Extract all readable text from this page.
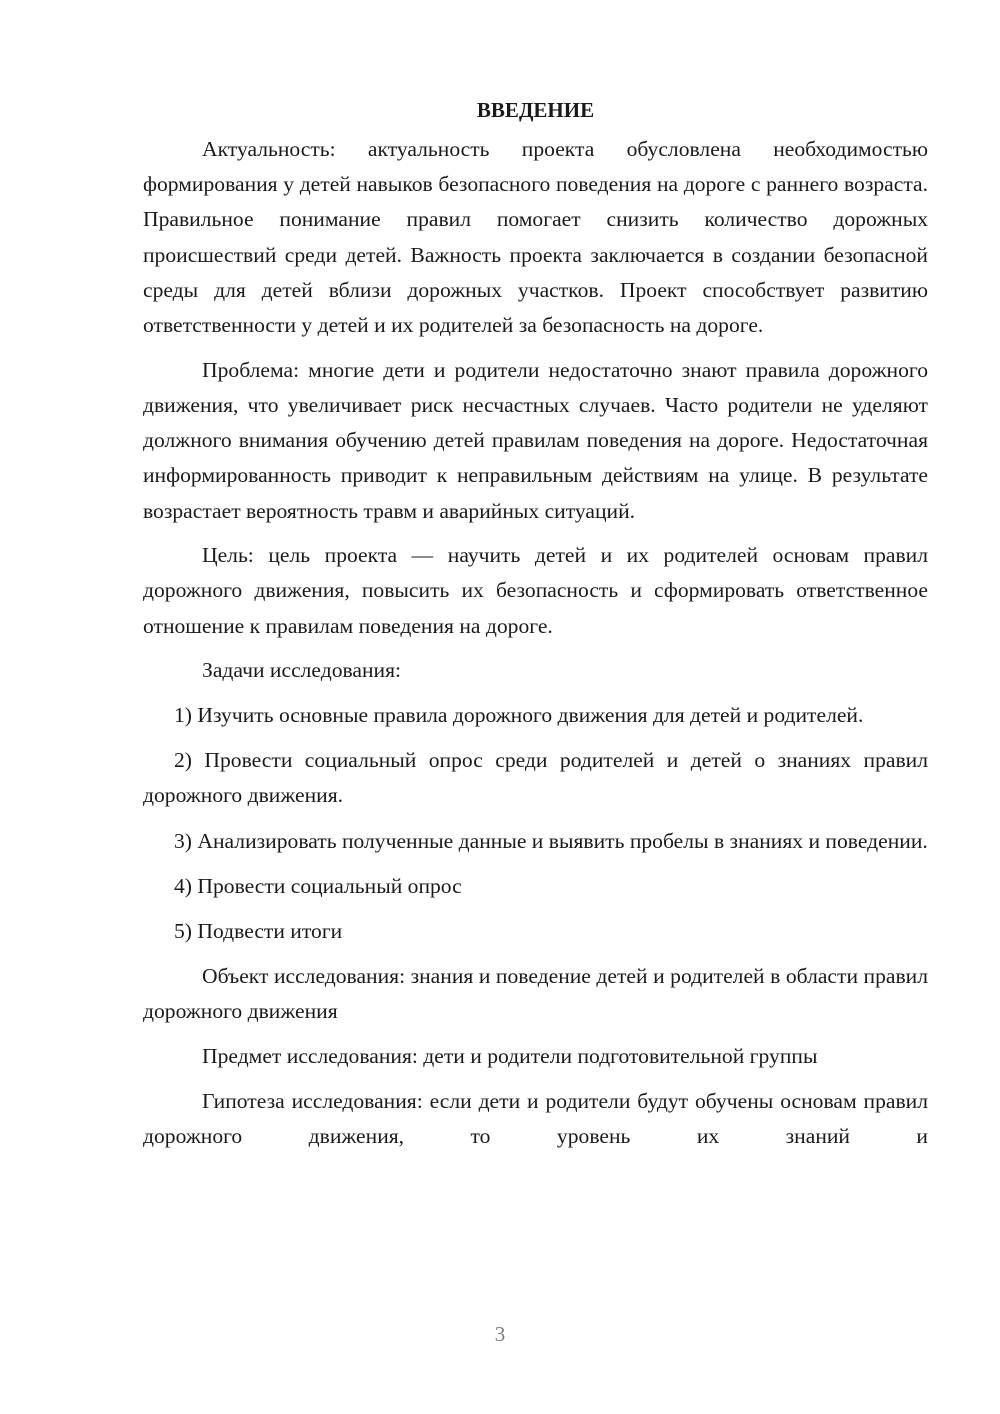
ВВЕДЕНИЕ

Актуальность: актуальность проекта обусловлена необходимостью формирования у детей навыков безопасного поведения на дороге с раннего возраста. Правильное понимание правил помогает снизить количество дорожных происшествий среди детей. Важность проекта заключается в создании безопасной среды для детей вблизи дорожных участков. Проект способствует развитию ответственности у детей и их родителей за безопасность на дороге.

Проблема: многие дети и родители недостаточно знают правила дорожного движения, что увеличивает риск несчастных случаев. Часто родители не уделяют должного внимания обучению детей правилам поведения на дороге. Недостаточная информированность приводит к неправильным действиям на улице. В результате возрастает вероятность травм и аварийных ситуаций.

Цель: цель проекта — научить детей и их родителей основам правил дорожного движения, повысить их безопасность и сформировать ответственное отношение к правилам поведения на дороге.

Задачи исследования:

1) Изучить основные правила дорожного движения для детей и родителей.

2) Провести социальный опрос среди родителей и детей о знаниях правил дорожного движения.

3) Анализировать полученные данные и выявить пробелы в знаниях и поведении.

4) Провести социальный опрос

5) Подвести итоги

Объект исследования: знания и поведение детей и родителей в области правил дорожного движения

Предмет исследования: дети и родители подготовительной группы

Гипотеза исследования: если дети и родители будут обучены основам правил дорожного движения, то уровень их знаний и

3
